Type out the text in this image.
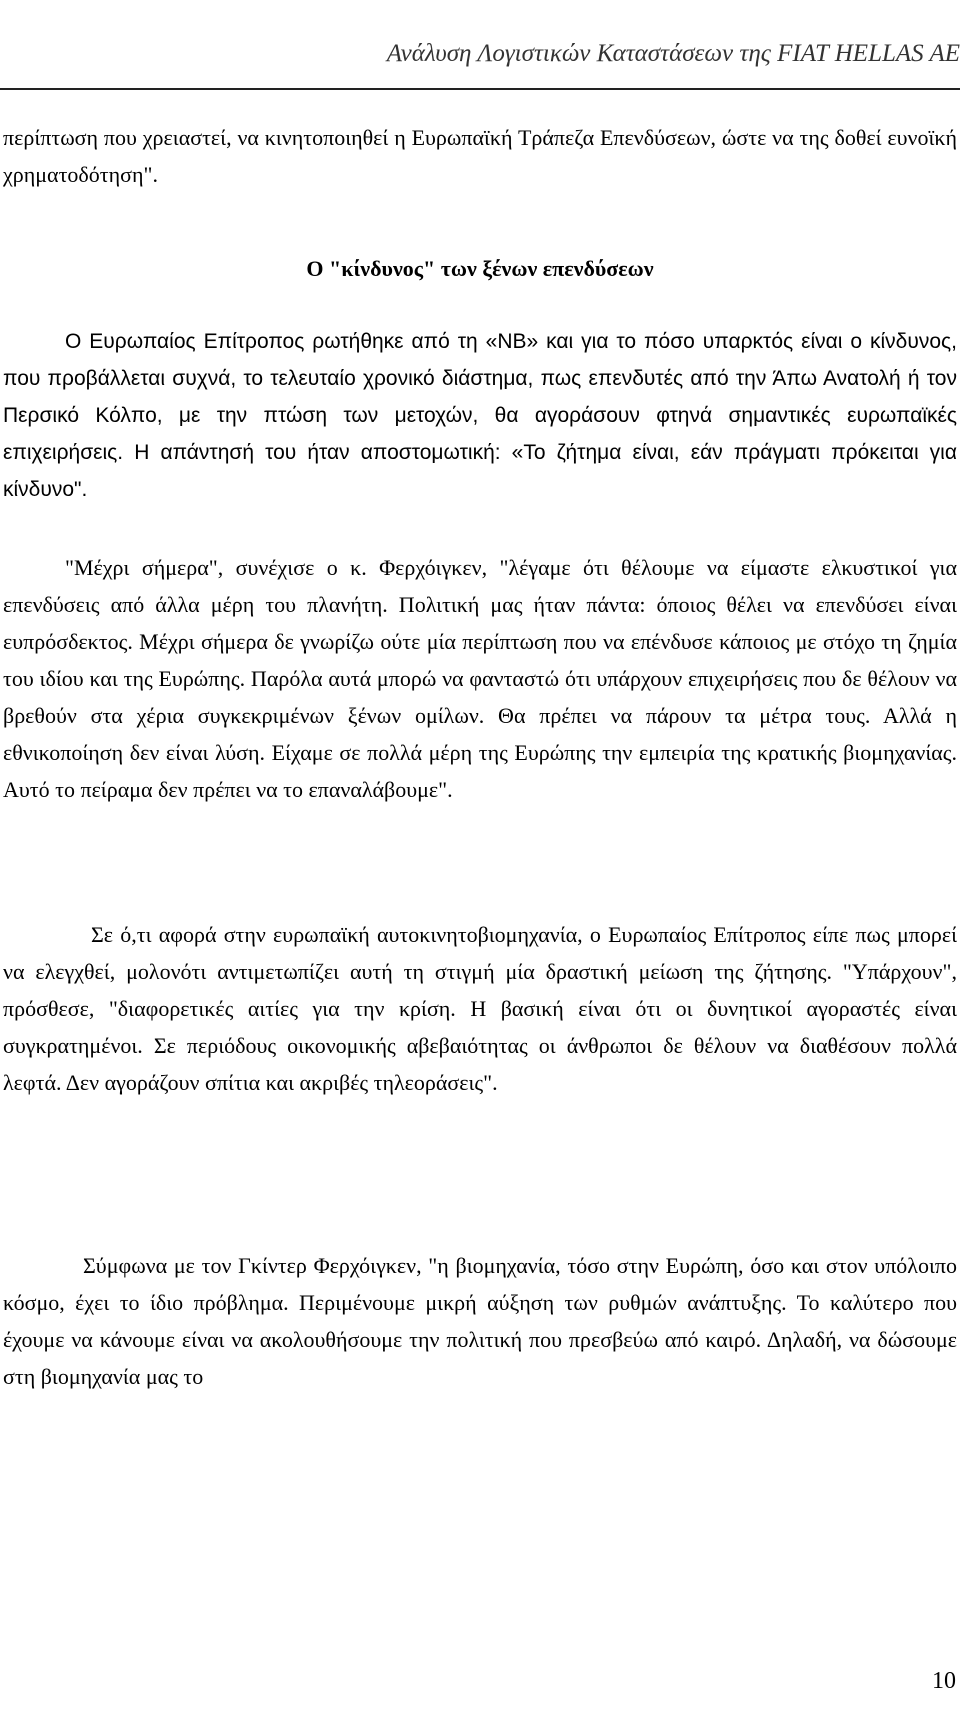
Ανάλυση Λογιστικών Καταστάσεων της FIAT HELLAS AE
περίπτωση που χρειαστεί, να κινητοποιηθεί η Ευρωπαϊκή Τράπεζα Επενδύσεων, ώστε να της δοθεί ευνοϊκή χρηματοδότηση".
Ο "κίνδυνος" των ξένων επενδύσεων
Ο Ευρωπαίος Επίτροπος ρωτήθηκε από τη «ΝΒ» και για το πόσο υπαρκτός είναι ο κίνδυνος, που προβάλλεται συχνά, το τελευταίο χρονικό διάστημα, πως επενδυτές από την Άπω Ανατολή ή τον Περσικό Κόλπο, με την πτώση των μετοχών, θα αγοράσουν φτηνά σημαντικές ευρωπαϊκές επιχειρήσεις. Η απάντησή του ήταν αποστομωτική: «Το ζήτημα είναι, εάν πράγματι πρόκειται για κίνδυνο".
"Μέχρι σήμερα", συνέχισε ο κ. Φερχόιγκεν, "λέγαμε ότι θέλουμε να είμαστε ελκυστικοί για επενδύσεις από άλλα μέρη του πλανήτη. Πολιτική μας ήταν πάντα: όποιος θέλει να επενδύσει είναι ευπρόσδεκτος. Μέχρι σήμερα δε γνωρίζω ούτε μία περίπτωση που να επένδυσε κάποιος με στόχο τη ζημία του ιδίου και της Ευρώπης. Παρόλα αυτά μπορώ να φανταστώ ότι υπάρχουν επιχειρήσεις που δε θέλουν να βρεθούν στα χέρια συγκεκριμένων ξένων ομίλων. Θα πρέπει να πάρουν τα μέτρα τους. Αλλά η εθνικοποίηση δεν είναι λύση. Είχαμε σε πολλά μέρη της Ευρώπης την εμπειρία της κρατικής βιομηχανίας. Αυτό το πείραμα δεν πρέπει να το επαναλάβουμε".
Σε ό,τι αφορά στην ευρωπαϊκή αυτοκινητοβιομηχανία, ο Ευρωπαίος Επίτροπος είπε πως μπορεί να ελεγχθεί, μολονότι αντιμετωπίζει αυτή τη στιγμή μία δραστική μείωση της ζήτησης. "Υπάρχουν", πρόσθεσε, "διαφορετικές αιτίες για την κρίση. Η βασική είναι ότι οι δυνητικοί αγοραστές είναι συγκρατημένοι. Σε περιόδους οικονομικής αβεβαιότητας οι άνθρωποι δε θέλουν να διαθέσουν πολλά λεφτά. Δεν αγοράζουν σπίτια και ακριβές τηλεοράσεις".
Σύμφωνα με τον Γκίντερ Φερχόιγκεν, "η βιομηχανία, τόσο στην Ευρώπη, όσο και στον υπόλοιπο κόσμο, έχει το ίδιο πρόβλημα. Περιμένουμε μικρή αύξηση των ρυθμών ανάπτυξης. Το καλύτερο που έχουμε να κάνουμε είναι να ακολουθήσουμε την πολιτική που πρεσβεύω από καιρό. Δηλαδή, να δώσουμε στη βιομηχανία μας το
10
